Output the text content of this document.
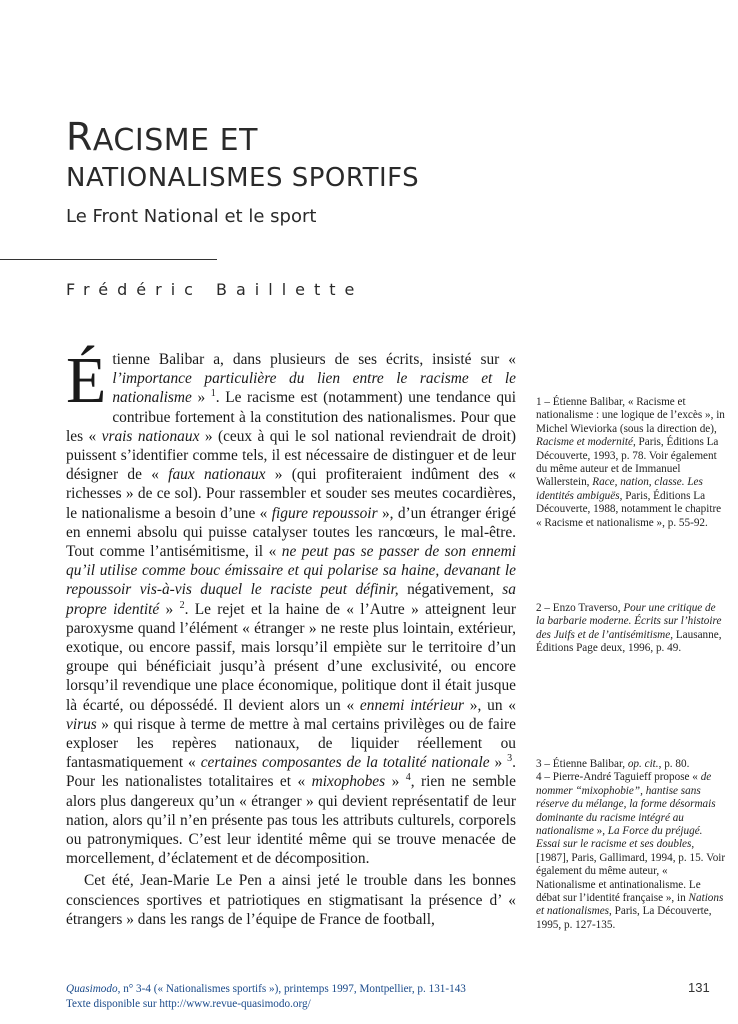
RACISME ET
NATIONALISMES SPORTIFS
Le Front National et le sport
Frédéric Baillette

Étienne Balibar a, dans plusieurs de ses écrits, insisté sur « l’importance particulière du lien entre le racisme et le nationalisme » $^1$. Le racisme est (notamment) une tendance qui contribue fortement à la constitution des nationalismes. Pour que les « vrais nationaux » (ceux à qui le sol national reviendrait de droit) puissent s’identifier comme tels, il est nécessaire de distinguer et de leur désigner de « faux nationaux » (qui profiteraient indûment des « richesses » de ce sol). Pour rassembler et souder ses meutes cocardières, le nationalisme a besoin d’une « figure repoussoir », d’un étranger érigé en ennemi absolu qui puisse catalyser toutes les rancœurs, le mal-être. Tout comme l’antisémitisme, il « ne peut pas se passer de son ennemi qu’il utilise comme bouc émissaire et qui polarise sa haine, devanant le repoussoir vis-à-vis duquel le raciste peut définir, négativement, sa propre identité » $^2$. Le rejet et la haine de « l’Autre » atteignent leur paroxysme quand l’élément « étranger » ne reste plus lointain, extérieur, exotique, ou encore passif, mais lorsqu’il empiète sur le territoire d’un groupe qui bénéficiait jusqu’à présent d’une exclusivité, ou encore lorsqu’il revendique une place économique, politique dont il était jusque là écarté, ou dépossédé. Il devient alors un « ennemi intérieur », un « virus » qui risque à terme de mettre à mal certains privilèges ou de faire exploser les repères nationaux, de liquider réellement ou fantasmatiquement « certaines composantes de la totalité nationale » $^3$. Pour les nationalistes totalitaires et « mixophobes » $^4$, rien ne semble alors plus dangereux qu’un « étranger » qui devient représentatif de leur nation, alors qu’il n’en présente pas tous les attributs culturels, corporels ou patronymiques. C’est leur identité même qui se trouve menacée de morcellement, d’éclatement et de décomposition.

Cet été, Jean-Marie Le Pen a ainsi jeté le trouble dans les bonnes consciences sportives et patriotiques en stigmatisant la présence d’ « étrangers » dans les rangs de l’équipe de France de football,

1 – Étienne Balibar, « Racisme et nationalisme : une logique de l’excès », in Michel Wieviorka (sous la direction de), Racisme et modernité, Paris, Éditions La Découverte, 1993, p. 78. Voir également du même auteur et de Immanuel Wallerstein, Race, nation, classe. Les identités ambiguës, Paris, Éditions La Découverte, 1988, notamment le chapitre « Racisme et nationalisme », p. 55-92.

2 – Enzo Traverso, Pour une critique de la barbarie moderne. Écrits sur l’histoire des Juifs et de l’antisémitisme, Lausanne, Éditions Page deux, 1996, p. 49.

3 – Étienne Balibar, op. cit., p. 80.

4 – Pierre-André Taguieff propose « de nommer “mixophobie”, hantise sans réserve du mélange, la forme désormais dominante du racisme intégré au nationalisme », La Force du préjugé. Essai sur le racisme et ses doubles, [1987], Paris, Gallimard, 1994, p. 15. Voir également du même auteur, « Nationalisme et antinationalisme. Le débat sur l’identité française », in Nations et nationalismes, Paris, La Découverte, 1995, p. 127-135.

Quasimodo, n° 3-4 (« Nationalismes sportifs »), printemps 1997, Montpellier, p. 131-143
Texte disponible sur http://www.revue-quasimodo.org/
131
